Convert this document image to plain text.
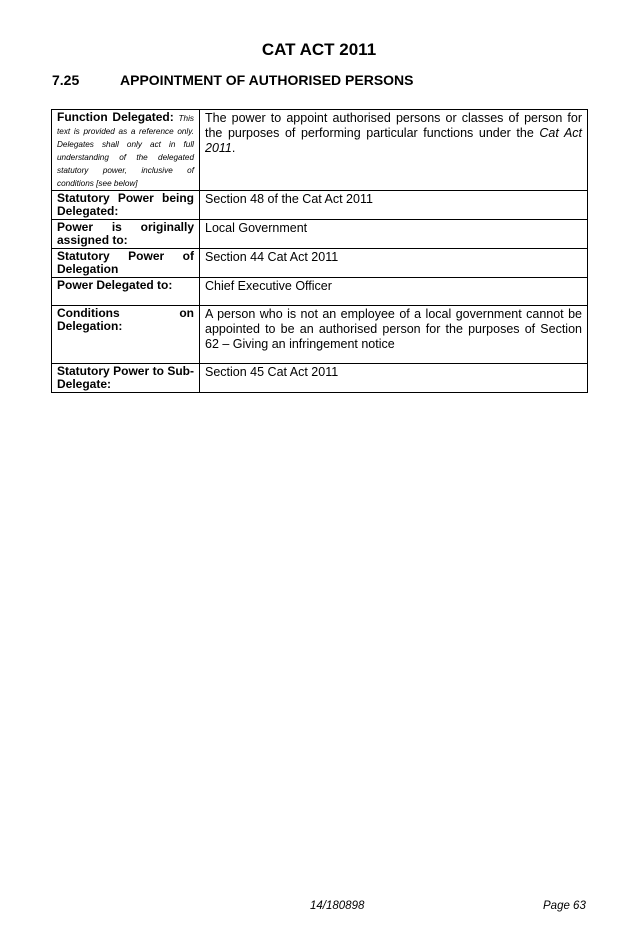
CAT ACT 2011
7.25	APPOINTMENT OF AUTHORISED PERSONS
Function Delegated: This text is provided as a reference only. Delegates shall only act in full understanding of the delegated statutory power, inclusive of conditions [see below]	The power to appoint authorised persons or classes of person for the purposes of performing particular functions under the Cat Act 2011.
Statutory Power being Delegated:	Section 48 of the Cat Act 2011
Power is originally assigned to:	Local Government
Statutory Power of Delegation	Section 44 Cat Act 2011
Power Delegated to:	Chief Executive Officer
Conditions on Delegation:	A person who is not an employee of a local government cannot be appointed to be an authorised person for the purposes of Section 62 – Giving an infringement notice
Statutory Power to Sub-Delegate:	Section 45 Cat Act 2011
14/180898	Page 63
